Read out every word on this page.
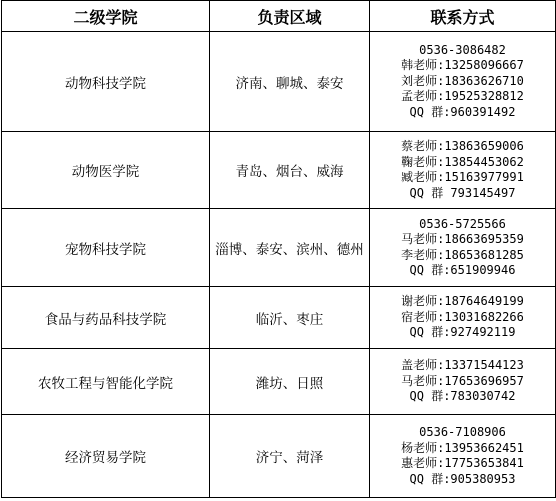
二级学院	负责区域	联系方式
动物科技学院	济南、聊城、泰安	0536-3086482
韩老师:13258096667
刘老师:18363626710
孟老师:19525328812
QQ 群:960391492

动物医学院	青岛、烟台、威海	蔡老师:13863659006
鞠老师:13854453062
臧老师:15163977991
QQ 群 793145497

宠物科技学院	淄博、泰安、滨州、德州	0536-5725566
马老师:18663695359
李老师:18653681285
QQ 群:651909946

食品与药品科技学院	临沂、枣庄	谢老师:18764649199
宿老师:13031682266
QQ 群:927492119

农牧工程与智能化学院	潍坊、日照	盖老师:13371544123
马老师:17653696957
QQ 群:783030742

经济贸易学院	济宁、菏泽	0536-7108906
杨老师:13953662451
惠老师:17753653841
QQ 群:905380953
